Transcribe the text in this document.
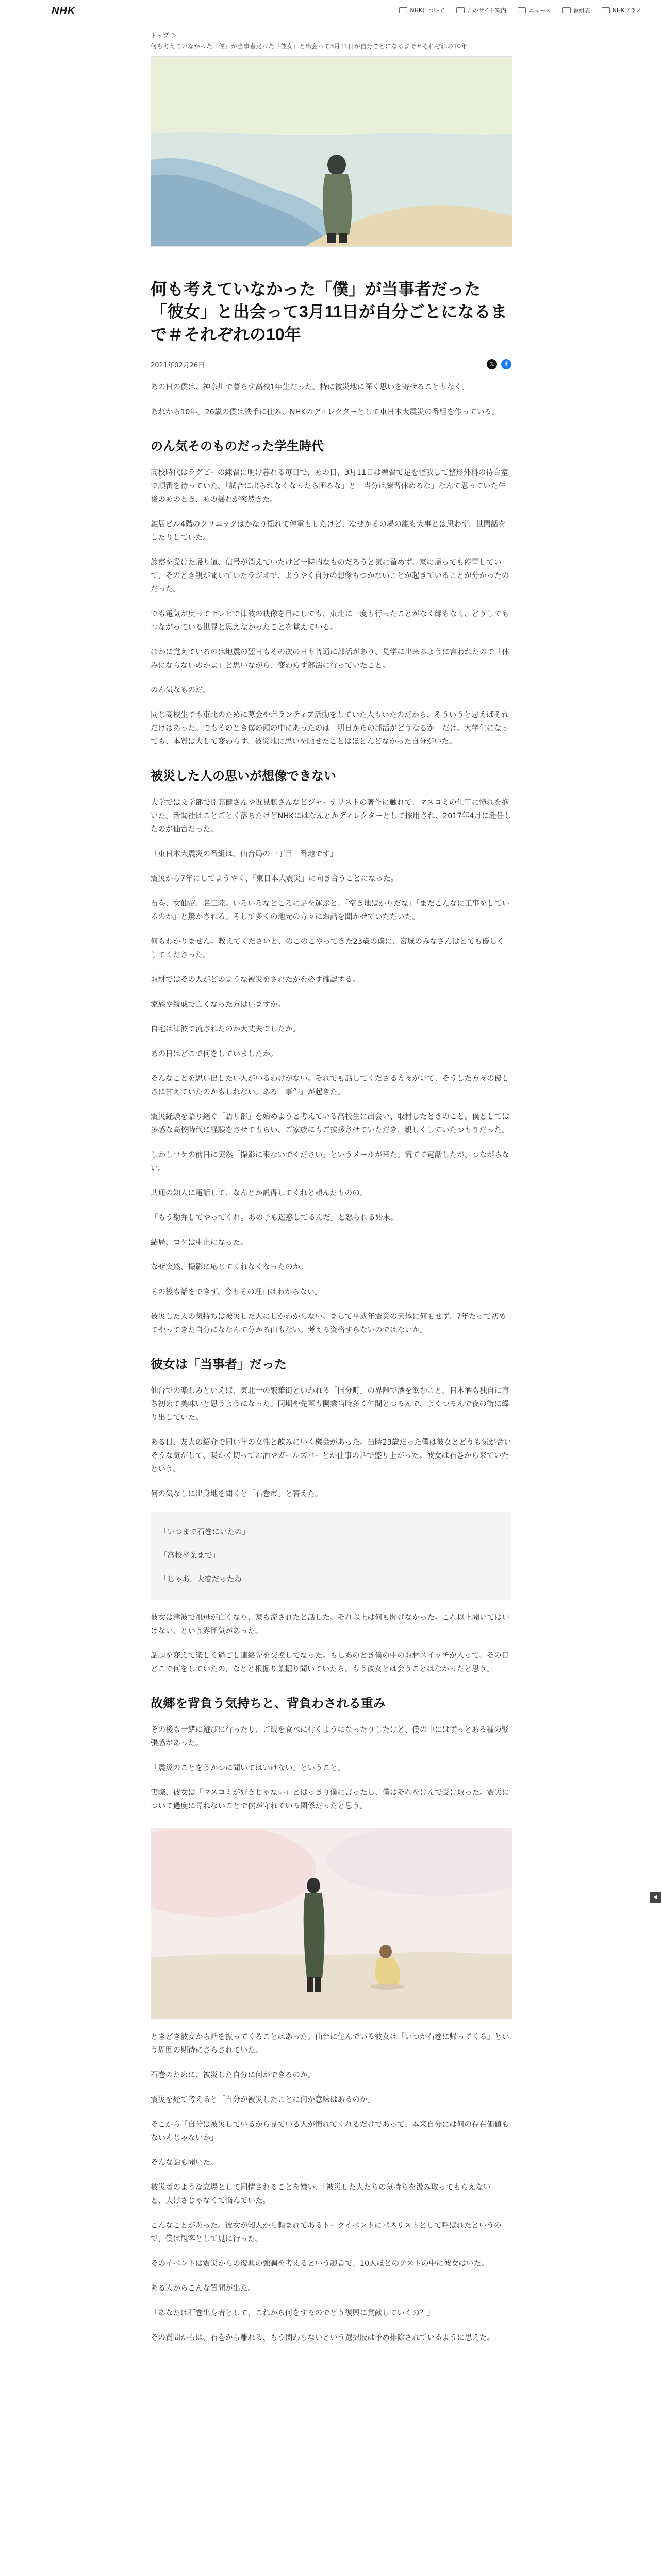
NHK	NHKについて	このサイト案内	ニュース	番組表	NHKプラス
トップ ＞
何も考えていなかった「僕」が当事者だった「彼女」と出会って3月11日が自分ごとになるまで＃それぞれの10年
何も考えていなかった「僕」が当事者だった「彼女」と出会って3月11日が自分ごとになるまで＃それぞれの10年
2021年02月26日	𝕏	f

あの日の僕は、神奈川で暮らす高校1年生だった。特に被災地に深く思いを寄せることもなく。

あれから10年。26歳の僕は鉄手に住み、NHKのディレクターとして東日本大震災の番組を作っている。

のん気そのものだった学生時代

高校時代はラグビーの練習に明け暮れる毎日で、あの日、3月11日は練習で足を怪我して整形外科の待合室で順番を待っていた。「試合に出られなくなったら困るな」と「当分は練習休めるな」なんて思っていた午後のあのとき、あの揺れが突然きた。

雑居ビル4階のクリニックはかなり揺れて停電もしたけど、なぜかその場の誰も大事とは思わず、世間話をしたりしていた。

診察を受けた帰り道、信号が消えていたけど一時的なものだろうと気に留めず。家に帰っても停電していて、そのとき親が聞いていたラジオで、ようやく自分の想像もつかないことが起きていることが分かったのだった。

でも電気が戻ってテレビで津波の映像を目にしても、東北に一度も行ったことがなく縁もなく、どうしてもつながっている世界と思えなかったことを覚えている。

ほかに覚えているのは地震の翌日もその次の日も普通に部活があり、見学に出来るように言われたので「休みにならないのかよ」と思いながら、変わらず部活に行っていたこと。

のん気なものだ。

同じ高校生でも東北のために募金やボランティア活動をしていた人もいたのだから、そういうと思えばそれだけはあった。でもそのとき僕の頭の中にあったのは「明日からの部活がどうなるか」だけ。大学生になっても、本質は大して変わらず、被災地に思いを馳せたことはほとんどなかった自分がいた。

被災した人の思いが想像できない

大学では文学部で開高健さんや近見藤さんなどジャーナリストの著作に触れて、マスコミの仕事に憧れを抱いた。新聞社はことごとく落ちたけどNHKにはなんとかディレクターとして採用され、2017年4月に赴任したのが仙台だった。

「東日本大震災の番組は、仙台局の一丁目一番地です」

震災から7年にしてようやく、「東日本大震災」に向き合うことになった。

石巻、女仙沼、名三陸。いろいろなところに足を運ぶと、「空き地ばかりだな」「まだこんなに工事をしているのか」と驚かされる。そして多くの地元の方々にお話を聞かせていただいた。

何もわかりません。教えてくださいと、のこのこやってきた23歳の僕に、宮城のみなさんはとても優しくしてくださった。

取材ではその人がどのような被災をされたかを必ず確認する。

家族や親戚で亡くなった方はいますか。

自宅は津波で流されたのか大丈夫でしたか。

あの日はどこで何をしていましたか。

そんなことを思い出したい人がいるわけがない。それでも話してくださる方々がいて、そうした方々の優しさに甘えていたのかもしれない。ある「事件」が起きた。

震災経験を語り継ぐ「語り部」を始めようと考えている高校生に出会い、取材したときのこと。僕としては多感な高校時代に経験をさせてもらい、ご家族にもご挨拶させていただき、親しくしていたつもりだった。

しかしロケの前日に突然「撮影に来ないでください」というメールが来た。慌てて電話したが、つながらない。

共通の知人に電話して、なんとか説得してくれと頼んだものの。

「もう勘弁してやってくれ。あの子も迷惑してるんだ」と怒られる始末。

結局、ロケは中止になった。

なぜ突然、撮影に応じてくれなくなったのか。

その後も話をできず、今もその理由はわからない。

被災した人の気持ちは被災した人にしかわからない。まして平成年震災の天体に何もせず、7年たって初めてやってきた自分にななんて分かる由もない。考える資格すらないのではないか。

彼女は「当事者」だった

仙台での楽しみといえば、東北一の繁華街といわれる「国分町」の界隈で酒を飲むこと。日本酒も独自に育ち初めて美味いと思うようになった。同期や先輩も開業当時多く仲間とつるんで、よくつるんで夜の街に繰り出していた。

ある日、友人の紹介で同い年の女性と飲みにいく機会があった。当時23歳だった僕は彼女とどうも気が合いそうな気がして、暖かく切ってお酒やガールズバーとか仕事の話で盛り上がった。彼女は石巻から来ていたという。

何の気なしに出身地を聞くと「石巻市」と答えた。

「いつまで石巻にいたの」

「高校卒業まで」

「じゃあ、大変だったね」

彼女は津波で祖母が亡くなり、家も流されたと話した。それ以上は何も聞けなかった。これ以上聞いてはいけない、という雰囲気があった。

話題を変えて楽しく過ごし連絡先を交換してなった。もしあのとき僕の中の取材スイッチが入って、その日どこで何をしていたの、などと根掘り葉掘り聞いていたら、もう彼女とは会うことはなかったと思う。

故郷を背負う気持ちと、背負わされる重み

その後も一緒に遊びに行ったり、ご飯を食べに行くようになったりしたけど、僕の中にはずっとある種の緊張感があった。

「震災のことをうかつに聞いてはいけない」ということ。

実際、彼女は「マスコミが好きじゃない」とはっきり僕に言ったし、僕はそれをけんで受け取った。震災について過度に尋ねないことで僕が守れている関係だったと思う。

ときどき彼女から話を振ってくることはあった。仙台に住んでいる彼女は「いつか石巻に帰ってくる」という周囲の期待にさらされていた。

石巻のために、被災した自分に何ができるのか。

震災を経て考えると「自分が被災したことに何か意味はあるのか」

そこから「自分は被災しているから見ている人が慣れてくれるだけであって、本来自分には何の存在価値もないんじゃないか」

そんな話も聞いた。

被災者のような立場として同情されることを嫌い、「被災した人たちの気持ちを汲み取ってもらえない」と、大げさじゃなくて悩んでいた。

こんなことがあった。彼女が知人から頼まれてあるトークイベントにパネリストとして呼ばれたというので、僕は観客として見に行った。

そのイベントは震災からの復興の強調を考えるという趣旨で、10人ほどのゲストの中に彼女はいた。

ある人からこんな質問が出た。

「あなたは石巻出身者として、これから何をするのでどう復興に貢献していくの？」

その質問からは、石巻から離れる、もう関わらないという選択肢は予め排除されているように思えた。

◀
